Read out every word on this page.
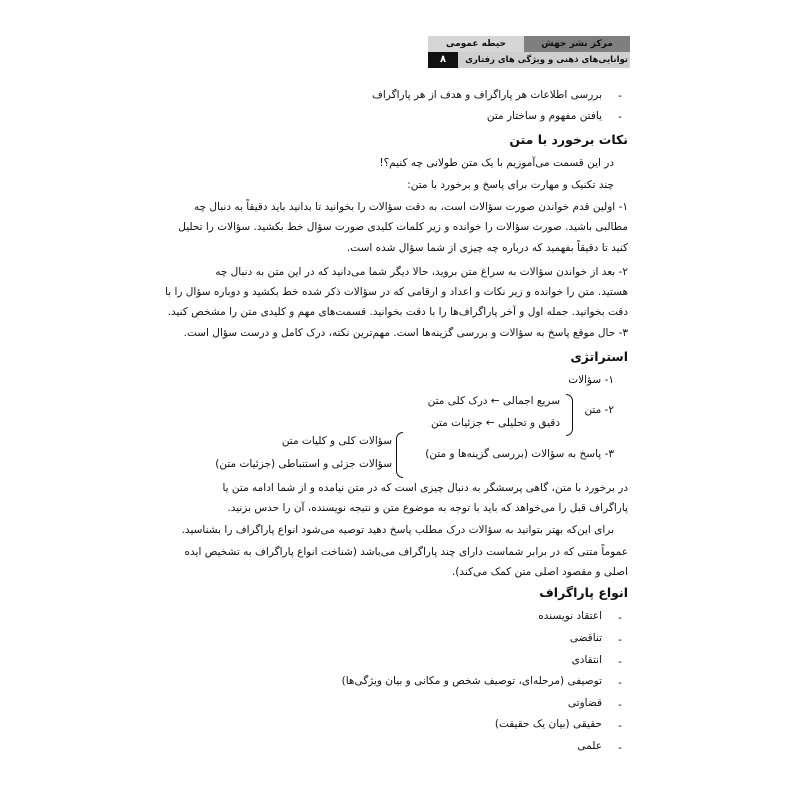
حیطه عمومی	مرکز نشر جهش
۸	توانایی‌های ذهنی و ویژگی های رفتاری
-
بررسی اطلاعات هر پاراگراف و هدف از هر پاراگراف
-
یافتن مفهوم و ساختار متن
نکات برخورد با متن
در این قسمت می‌آموزیم با یک متن طولانی چه کنیم؟!
چند تکنیک و مهارت برای پاسخ و برخورد با متن:
۱- اولین قدم خواندن صورت سؤالات است، به دقت سؤالات را بخوانید تا بدانید باید دقیقاً به دنبال چه
مطالبی باشید. صورت سؤالات را خوانده و زیر کلمات کلیدی صورت سؤال خط بکشید. سؤالات را تحلیل
کنید تا دقیقاً بفهمید که درباره چه چیزی از شما سؤال شده است.
۲- بعد از خواندن سؤالات به سراغ متن بروید، حالا دیگر شما می‌دانید که در این متن به دنبال چه
هستید. متن را خوانده و زیر نکات و اعداد و ارقامی که در سؤالات ذکر شده خط بکشید و دوباره سؤال را با
دقت بخوانید. جمله اول و آخر پاراگراف‌ها را با دقت بخوانید. قسمت‌های مهم و کلیدی متن را مشخص کنید.
۳- حال موقع پاسخ به سؤالات و بررسی گزینه‌ها است. مهم‌ترین نکته، درک کامل و درست سؤال است.
استراتژی
۱- سؤالات
۲- متن
سریع اجمالی ← درک کلی متن
دقیق و تحلیلی ← جزئیات متن
۳- پاسخ به سؤالات (بررسی گزینه‌ها و متن)
سؤالات کلی و کلیات متن
سؤالات جزئی و استنباطی (جزئیات متن)
در برخورد با متن، گاهی پرسشگر به دنبال چیزی است که در متن نیامده و از شما ادامه متن یا
پاراگراف قبل را می‌خواهد که باید با توجه به موضوع متن و نتیجه نویسنده، آن را حدس بزنید.
برای این‌که بهتر بتوانید به سؤالات درک مطلب پاسخ دهید توصیه می‌شود انواع پاراگراف را بشناسید.
عموماً متنی که در برابر شماست دارای چند پاراگراف می‌باشد (شناخت انواع پاراگراف به تشخیص ایده
اصلی و مقصود اصلی متن کمک می‌کند).
انواع پاراگراف
-
اعتقاد نویسنده
-
تناقضی
-
انتقادی
-
توصیفی (مرحله‌ای، توصیف شخص و مکانی و بیان ویژگی‌ها)
-
قضاوتی
-
حقیقی (بیان یک حقیقت)
-
علمی
